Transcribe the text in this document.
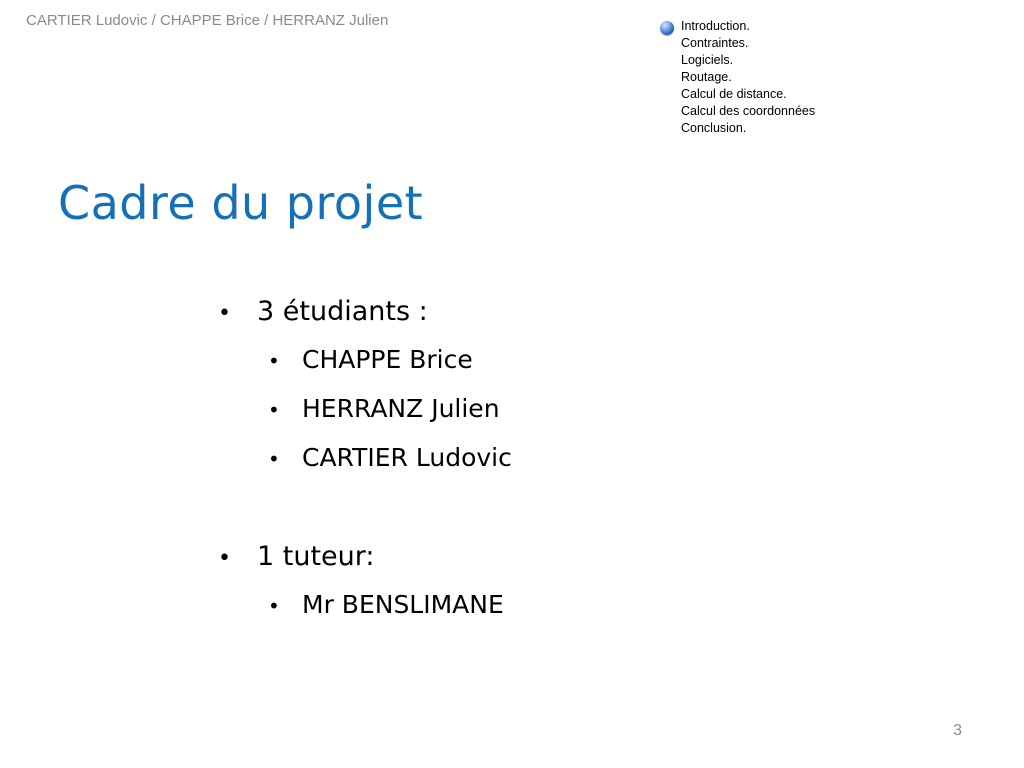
CARTIER Ludovic / CHAPPE Brice / HERRANZ Julien	Introduction.
Contraintes.
Logiciels.
Routage.
Calcul de distance.
Calcul des coordonnées
Conclusion.
Cadre du projet
• 3 étudiants :
• CHAPPE Brice
• HERRANZ Julien
• CARTIER Ludovic
• 1 tuteur:
• Mr BENSLIMANE
3
